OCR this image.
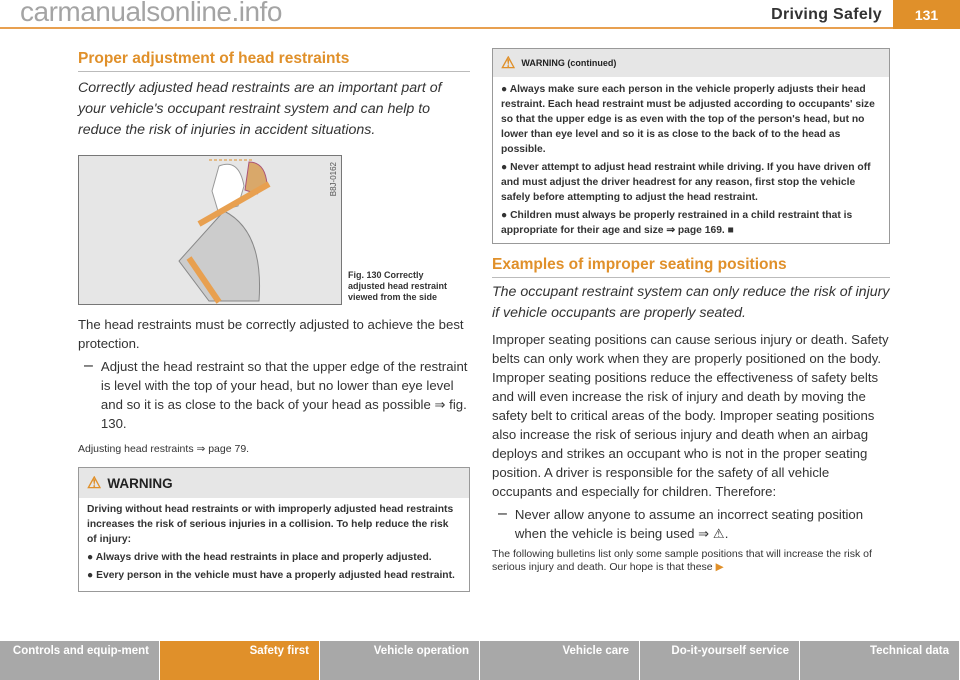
Driving Safely	131
Proper adjustment of head restraints
Correctly adjusted head restraints are an important part of your vehicle's occupant restraint system and can help to reduce the risk of injuries in accident situations.
B8J-0162
Fig. 130 Correctly adjusted head restraint viewed from the side

The head restraints must be correctly adjusted to achieve the best protection.

– Adjust the head restraint so that the upper edge of the restraint is level with the top of your head, but no lower than eye level and so it is as close to the back of your head as possible ⇒ fig. 130.

Adjusting head restraints ⇒ page 79.
⚠ WARNING
Driving without head restraints or with improperly adjusted head restraints increases the risk of serious injuries in a collision. To help reduce the risk of injury:
● Always drive with the head restraints in place and properly adjusted.
● Every person in the vehicle must have a properly adjusted head restraint.
⚠ WARNING (continued)
● Always make sure each person in the vehicle properly adjusts their head restraint. Each head restraint must be adjusted according to occupants' size so that the upper edge is as even with the top of the person's head, but no lower than eye level and so it is as close to the back of to the head as possible.
● Never attempt to adjust head restraint while driving. If you have driven off and must adjust the driver headrest for any reason, first stop the vehicle safely before attempting to adjust the head restraint.
● Children must always be properly restrained in a child restraint that is appropriate for their age and size ⇒ page 169. ■
Examples of improper seating positions
The occupant restraint system can only reduce the risk of injury if vehicle occupants are properly seated.

Improper seating positions can cause serious injury or death. Safety belts can only work when they are properly positioned on the body. Improper seating positions reduce the effectiveness of safety belts and will even increase the risk of injury and death by moving the safety belt to critical areas of the body. Improper seating positions also increase the risk of serious injury and death when an airbag deploys and strikes an occupant who is not in the proper seating position. A driver is responsible for the safety of all vehicle occupants and especially for children. Therefore:

– Never allow anyone to assume an incorrect seating position when the vehicle is being used ⇒ ⚠.

The following bulletins list only some sample positions that will increase the risk of serious injury and death. Our hope is that these ▶
Controls and equip-ment	Safety first	Vehicle operation	Vehicle care	Do-it-yourself service	Technical data
carmanualsonline.info
